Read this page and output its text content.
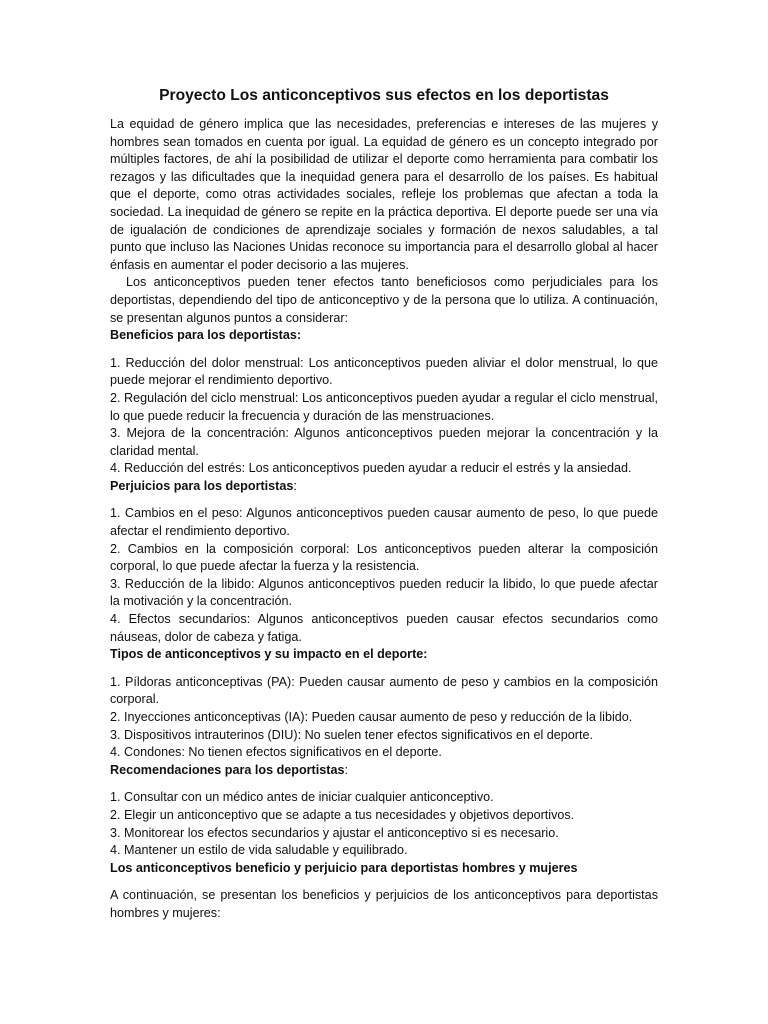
Proyecto Los anticonceptivos sus efectos en los deportistas

La equidad de género implica que las necesidades, preferencias e intereses de las mujeres y hombres sean tomados en cuenta por igual. La equidad de género es un concepto integrado por múltiples factores, de ahí la posibilidad de utilizar el deporte como herramienta para combatir los rezagos y las dificultades que la inequidad genera para el desarrollo de los países. Es habitual que el deporte, como otras actividades sociales, refleje los problemas que afectan a toda la sociedad. La inequidad de género se repite en la práctica deportiva. El deporte puede ser una vía de igualación de condiciones de aprendizaje sociales y formación de nexos saludables, a tal punto que incluso las Naciones Unidas reconoce su importancia para el desarrollo global al hacer énfasis en aumentar el poder decisorio a las mujeres.

Los anticonceptivos pueden tener efectos tanto beneficiosos como perjudiciales para los deportistas, dependiendo del tipo de anticonceptivo y de la persona que lo utiliza. A continuación, se presentan algunos puntos a considerar:

Beneficios para los deportistas:

1. Reducción del dolor menstrual: Los anticonceptivos pueden aliviar el dolor menstrual, lo que puede mejorar el rendimiento deportivo.

2. Regulación del ciclo menstrual: Los anticonceptivos pueden ayudar a regular el ciclo menstrual, lo que puede reducir la frecuencia y duración de las menstruaciones.

3. Mejora de la concentración: Algunos anticonceptivos pueden mejorar la concentración y la claridad mental.

4. Reducción del estrés: Los anticonceptivos pueden ayudar a reducir el estrés y la ansiedad.

Perjuicios para los deportistas:

1. Cambios en el peso: Algunos anticonceptivos pueden causar aumento de peso, lo que puede afectar el rendimiento deportivo.

2. Cambios en la composición corporal: Los anticonceptivos pueden alterar la composición corporal, lo que puede afectar la fuerza y la resistencia.

3. Reducción de la libido: Algunos anticonceptivos pueden reducir la libido, lo que puede afectar la motivación y la concentración.

4. Efectos secundarios: Algunos anticonceptivos pueden causar efectos secundarios como náuseas, dolor de cabeza y fatiga.

Tipos de anticonceptivos y su impacto en el deporte:

1. Píldoras anticonceptivas (PA): Pueden causar aumento de peso y cambios en la composición corporal.

2. Inyecciones anticonceptivas (IA): Pueden causar aumento de peso y reducción de la libido.

3. Dispositivos intrauterinos (DIU): No suelen tener efectos significativos en el deporte.

4. Condones: No tienen efectos significativos en el deporte.

Recomendaciones para los deportistas:

1. Consultar con un médico antes de iniciar cualquier anticonceptivo.

2. Elegir un anticonceptivo que se adapte a tus necesidades y objetivos deportivos.

3. Monitorear los efectos secundarios y ajustar el anticonceptivo si es necesario.

4. Mantener un estilo de vida saludable y equilibrado.

Los anticonceptivos beneficio y perjuicio para deportistas hombres y mujeres

A continuación, se presentan los beneficios y perjuicios de los anticonceptivos para deportistas hombres y mujeres:
